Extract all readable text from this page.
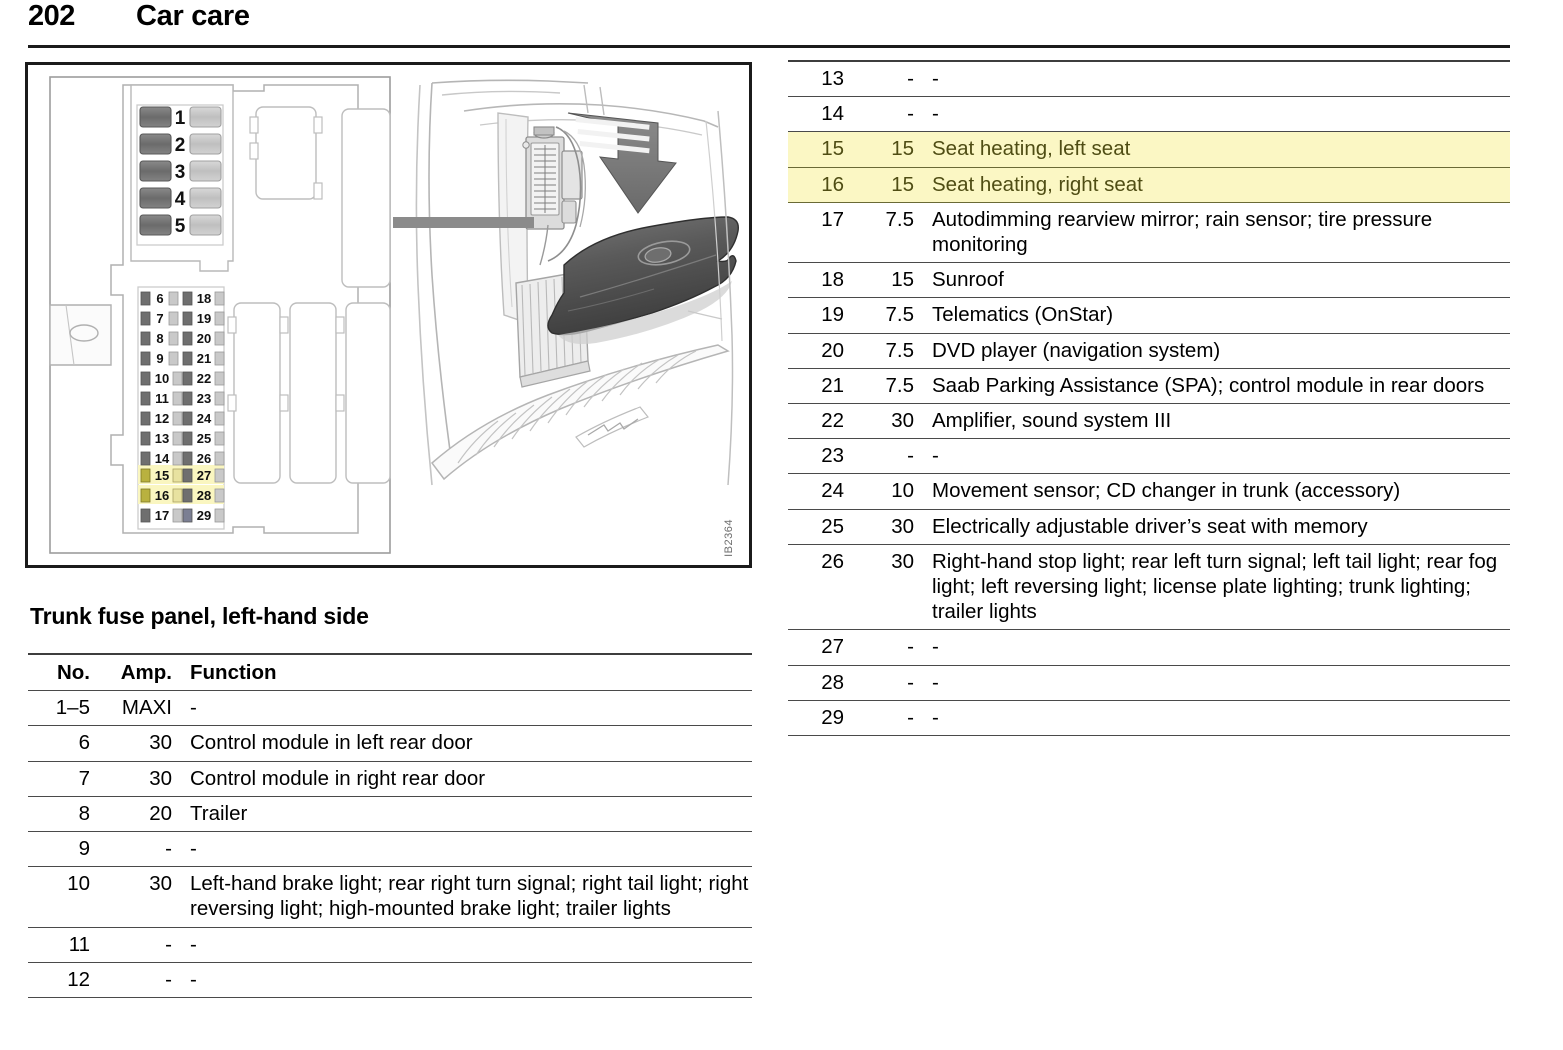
202 Car care
1
2
3
4
5
6	18
7	19
8	20
9	21
10 22
11 23
12 24
13 25
14 26
15 27
16 28
17 29
IB2364
Trunk fuse panel, left-hand side
No.	Amp.	Function
1–5	MAXI	-
6	30	Control module in left rear door
7	30	Control module in right rear door
8	20	Trailer
9	-	-
10	30	Left-hand brake light; rear right turn signal; right tail light; right reversing light; high-mounted brake light; trailer lights
11	-	-
12	-	-
13	-	-
14	-	-
15	15	Seat heating, left seat
16	15	Seat heating, right seat
17	7.5	Autodimming rearview mirror; rain sensor; tire pressure monitoring
18	15	Sunroof
19	7.5	Telematics (OnStar)
20	7.5	DVD player (navigation system)
21	7.5	Saab Parking Assistance (SPA); control module in rear doors
22	30	Amplifier, sound system III
23	-	-
24	10	Movement sensor; CD changer in trunk (accessory)
25	30	Electrically adjustable driver’s seat with memory
26	30	Right-hand stop light; rear left turn signal; left tail light; rear fog light; left reversing light; license plate lighting; trunk lighting; trailer lights
27	-	-
28	-	-
29	-	-
